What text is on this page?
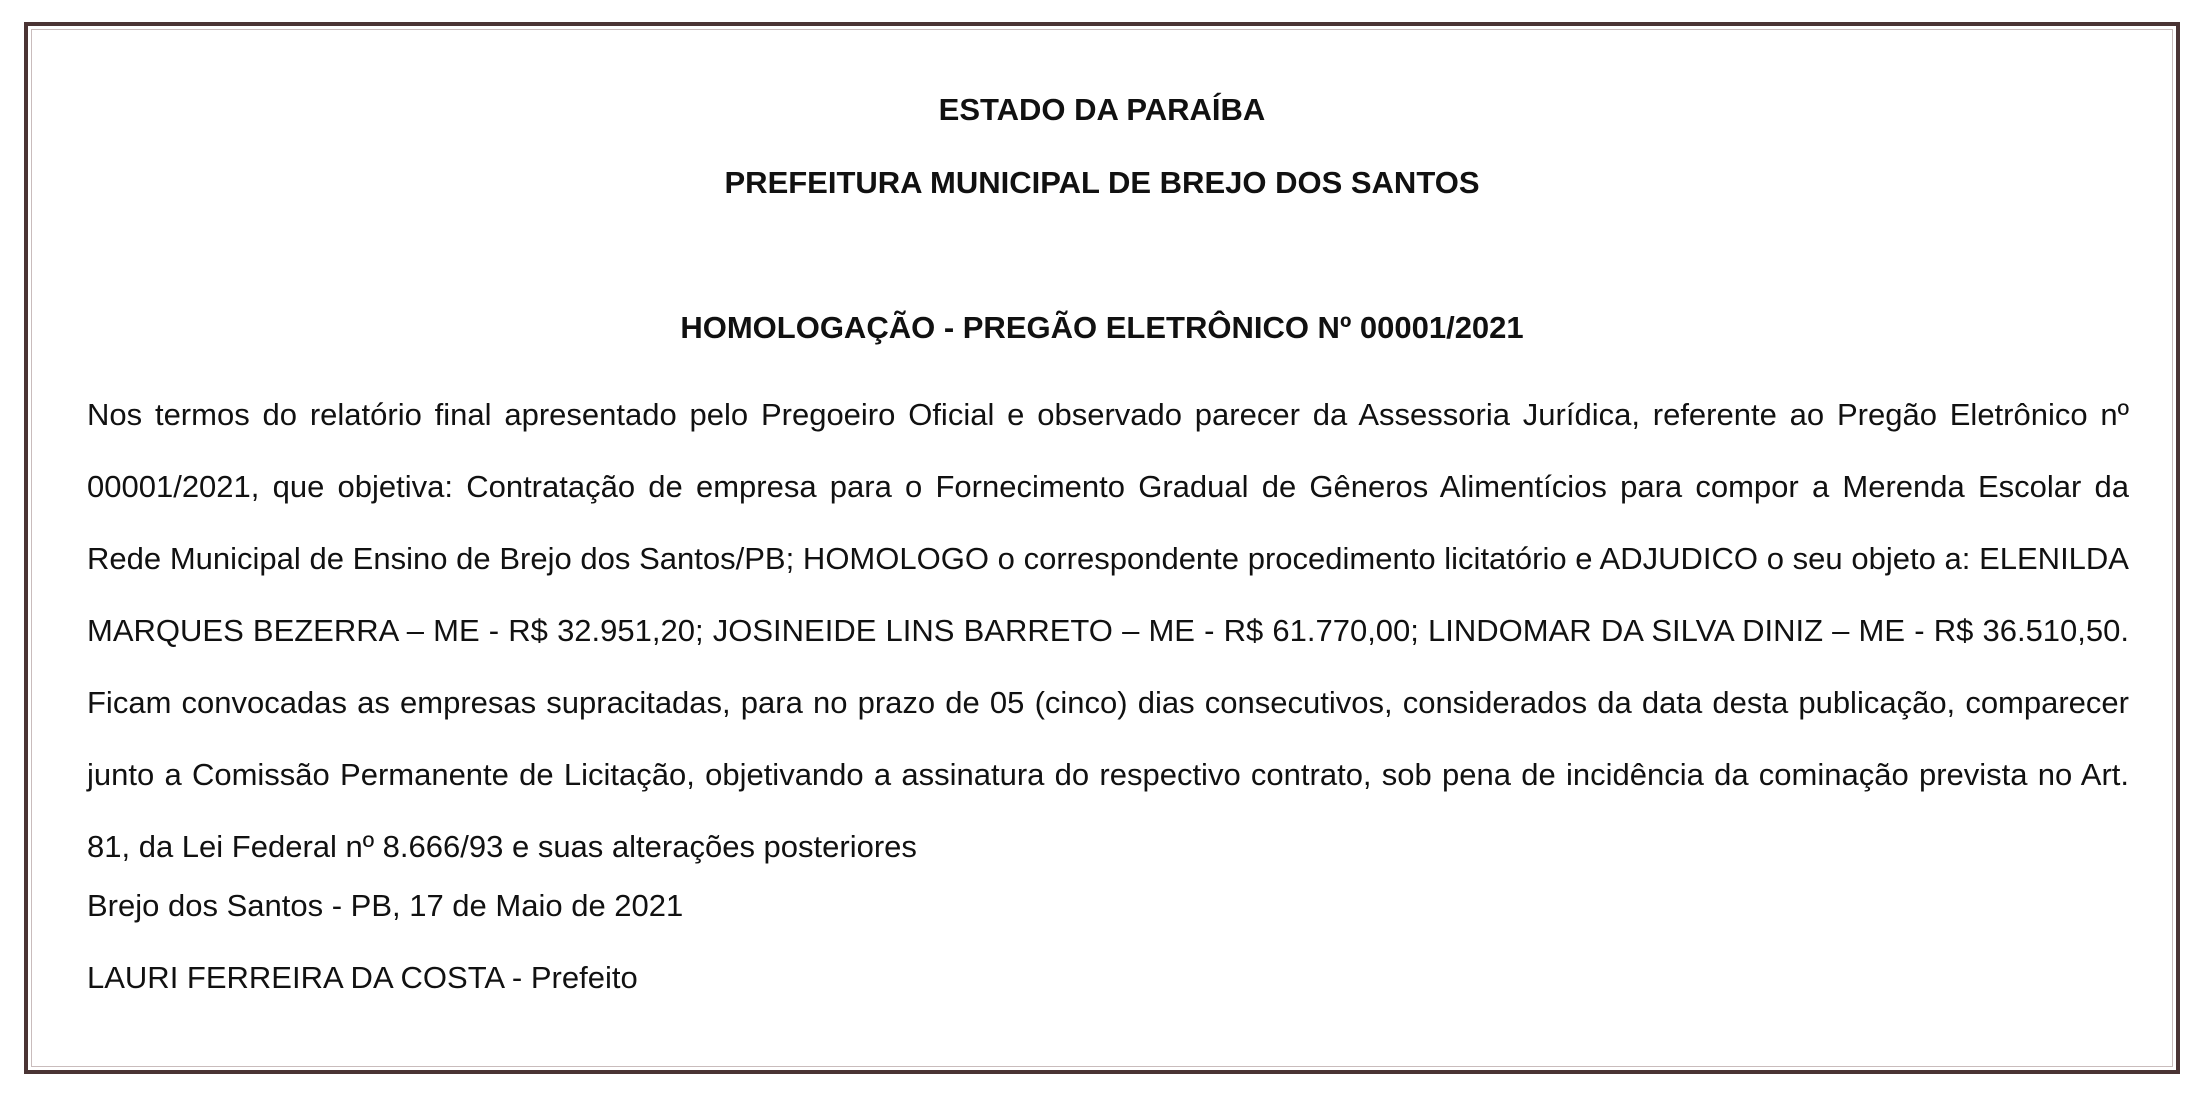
ESTADO DA PARAÍBA

PREFEITURA MUNICIPAL DE BREJO DOS SANTOS

HOMOLOGAÇÃO - PREGÃO ELETRÔNICO Nº 00001/2021

Nos termos do relatório final apresentado pelo Pregoeiro Oficial e observado parecer da Assessoria Jurídica, referente ao Pregão Eletrônico nº 00001/2021, que objetiva: Contratação de empresa para o Fornecimento Gradual de Gêneros Alimentícios para compor a Merenda Escolar da Rede Municipal de Ensino de Brejo dos Santos/PB; HOMOLOGO o correspondente procedimento licitatório e ADJUDICO o seu objeto a: ELENILDA MARQUES BEZERRA – ME - R$ 32.951,20; JOSINEIDE LINS BARRETO – ME - R$ 61.770,00; LINDOMAR DA SILVA DINIZ – ME - R$ 36.510,50. Ficam convocadas as empresas supracitadas, para no prazo de 05 (cinco) dias consecutivos, considerados da data desta publicação, comparecer junto a Comissão Permanente de Licitação, objetivando a assinatura do respectivo contrato, sob pena de incidência da cominação prevista no Art. 81, da Lei Federal nº 8.666/93 e suas alterações posteriores

Brejo dos Santos - PB, 17 de Maio de 2021

LAURI FERREIRA DA COSTA - Prefeito
